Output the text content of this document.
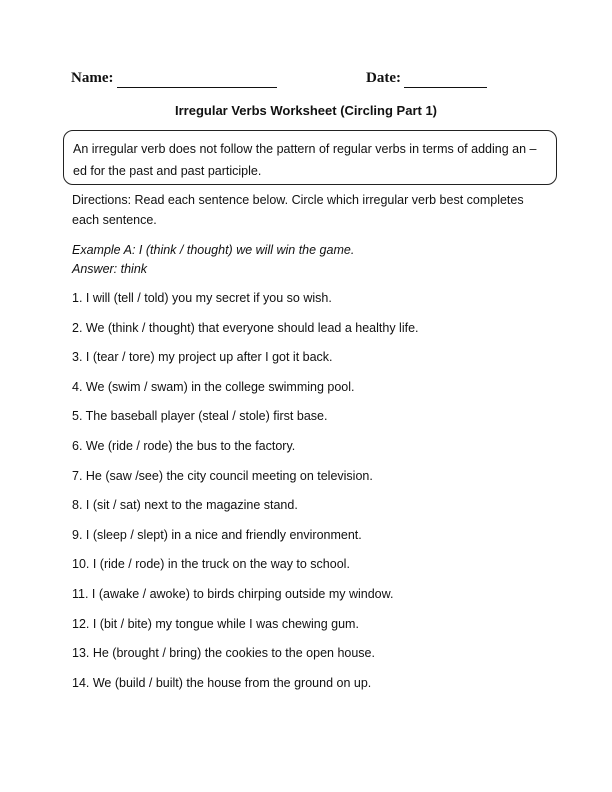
Name:	Date:
Irregular Verbs Worksheet (Circling Part 1)
An irregular verb does not follow the pattern of regular verbs in terms of adding an –ed for the past and past participle.
Directions: Read each sentence below. Circle which irregular verb best completes each sentence.
Example A: I (think / thought) we will win the game.
Answer: think
1. I will (tell / told) you my secret if you so wish.
2. We (think / thought) that everyone should lead a healthy life.
3. I (tear / tore) my project up after I got it back.
4. We (swim / swam) in the college swimming pool.
5. The baseball player (steal / stole) first base.
6. We (ride / rode) the bus to the factory.
7. He (saw /see) the city council meeting on television.
8. I (sit / sat) next to the magazine stand.
9. I (sleep / slept) in a nice and friendly environment.
10. I (ride / rode) in the truck on the way to school.
11. I (awake / awoke) to birds chirping outside my window.
12. I (bit / bite) my tongue while I was chewing gum.
13. He (brought / bring) the cookies to the open house.
14. We (build / built) the house from the ground on up.
